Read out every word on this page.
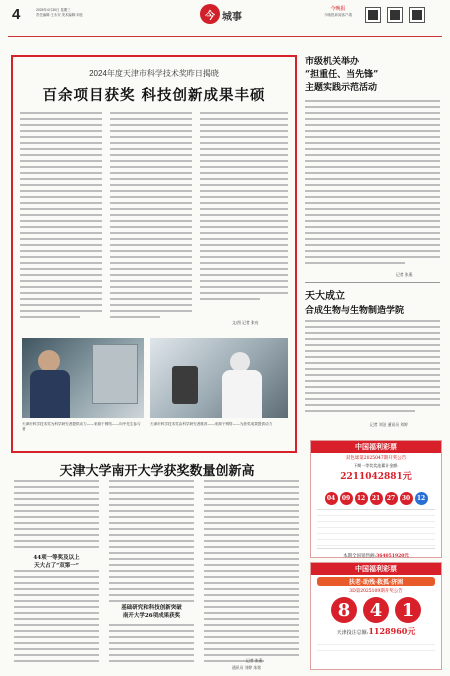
4	2025年4月30日 星期三
责任编辑:王永安 美术编辑:刘佳	今 城事
今晚报
今晚报新闻客户端
2024年度天津市科学技术奖昨日揭晓
百余项目获奖 科技创新成果丰硕
文/图 记者 张亮
天津市科学技术奖为科学研究者提供动力——来源于网络——向中先生参与者
天津市科学技术奖由科学研究者推荐——来源于网络——为获奖成果提供动力
市级机关举办
“担重任、当先锋”
主题实践示范活动
记者 张燕
天大成立
合成生物与生物制造学院
记者 刘洁 通讯员 刘婷
天津大学南开大学获奖数量创新高
44项一等奖及以上
天大占了“双第一”
基础研究和科技创新突破
南开大学26项成果获奖
记者 张燕
通讯员 刘婷 朱铭
中国福利彩票
双色球第2025047期开奖公告
下期一等奖奖池累计金额:
2211042881元
04 09 12 21 27 30 12
本期全国销售额:364051920元
中国福利彩票
扶老·助残·救孤·济困
3D第2025109期开奖公告
8 4 1
天津投注总额:1128960元
